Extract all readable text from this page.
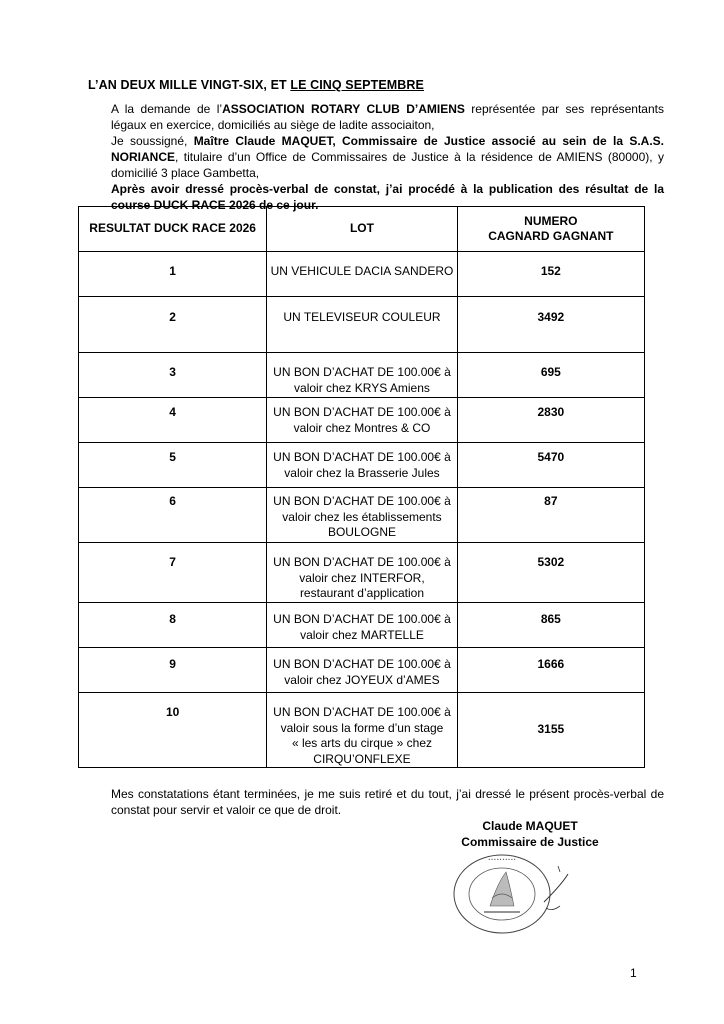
L’AN DEUX MILLE VINGT-SIX, ET LE CINQ SEPTEMBRE

A la demande de l’ASSOCIATION ROTARY CLUB D’AMIENS représentée par ses représentants légaux en exercice, domiciliés au siège de ladite associaiton,

Je soussigné, Maître Claude MAQUET, Commissaire de Justice associé au sein de la S.A.S. NORIANCE, titulaire d’un Office de Commissaires de Justice à la résidence de AMIENS (80000), y domicilié 3 place Gambetta,

Après avoir dressé procès-verbal de constat, j’ai procédé à la publication des résultat de la course DUCK RACE 2026 de ce jour.

RESULTAT DUCK RACE 2026	LOT	NUMERO
CAGNARD GAGNANT

1	UN VEHICULE DACIA SANDERO	152
2	UN TELEVISEUR COULEUR	3492
3	UN BON D’ACHAT DE 100.00€ à
valoir chez KRYS Amiens	695
4	UN BON D’ACHAT DE 100.00€ à
valoir chez Montres & CO	2830
5	UN BON D’ACHAT DE 100.00€ à
valoir chez la Brasserie Jules	5470
6	UN BON D’ACHAT DE 100.00€ à
valoir chez les établissements
BOULOGNE	87
7	UN BON D’ACHAT DE 100.00€ à
valoir chez INTERFOR,
restaurant d’application	5302
8	UN BON D’ACHAT DE 100.00€ à
valoir chez MARTELLE	865
9	UN BON D’ACHAT DE 100.00€ à
valoir chez JOYEUX d’AMES	1666
10	UN BON D’ACHAT DE 100.00€ à
valoir sous la forme d’un stage
« les arts du cirque » chez
CIRQU’ONFLEXE	3155

Mes constatations étant terminées, je me suis retiré et du tout, j’ai dressé le présent procès-verbal de constat pour servir et valoir ce que de droit.

Claude MAQUET
Commissaire de Justice
• • • • • • • • • •
1
